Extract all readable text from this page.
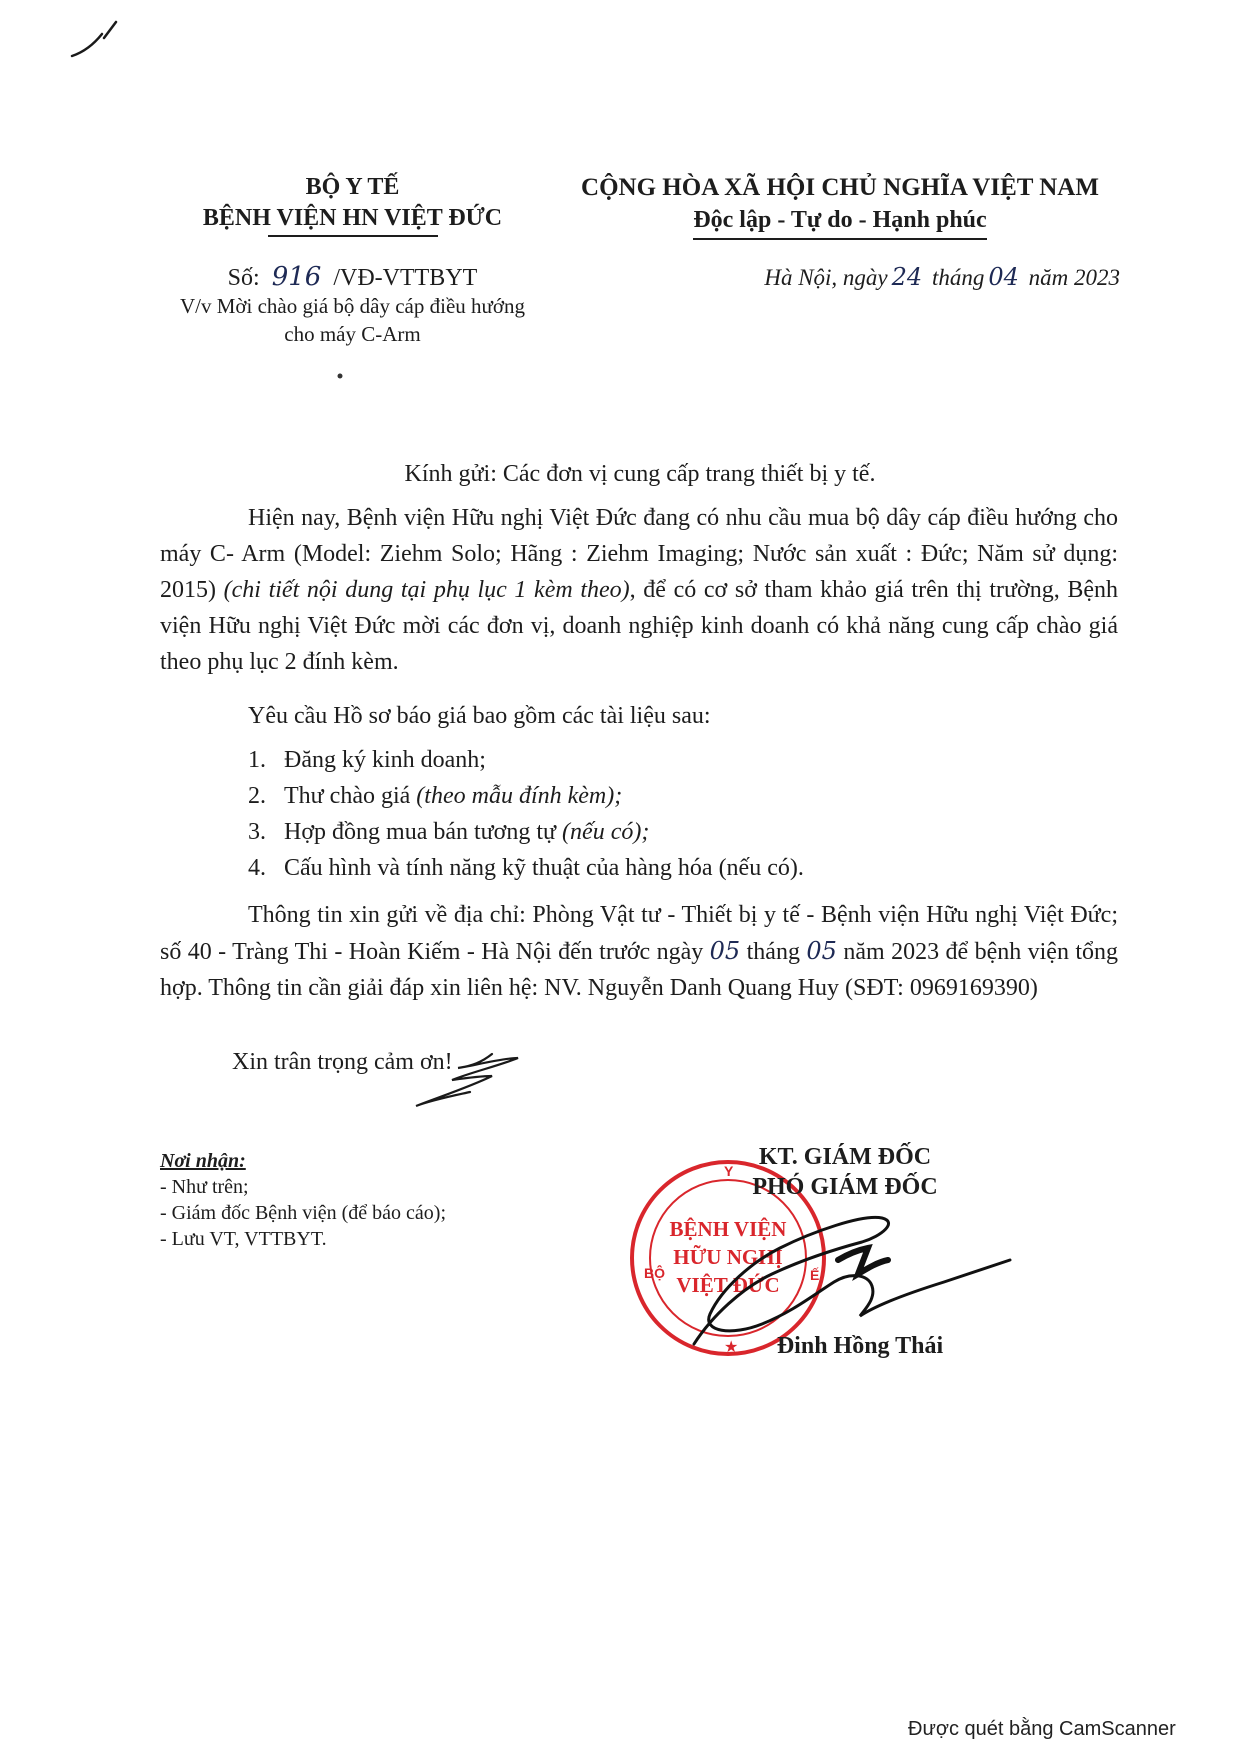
BỘ Y TẾ
BỆNH VIỆN HN VIỆT ĐỨC
CỘNG HÒA XÃ HỘI CHỦ NGHĨA VIỆT NAM
Độc lập - Tự do - Hạnh phúc
Số: 916 /VĐ-VTTBYT
V/v Mời chào giá bộ dây cáp điều hướng cho máy C-Arm
Hà Nội, ngày 24 tháng 04 năm 2023
Kính gửi: Các đơn vị cung cấp trang thiết bị y tế.
Hiện nay, Bệnh viện Hữu nghị Việt Đức đang có nhu cầu mua bộ dây cáp điều hướng cho máy C- Arm (Model: Ziehm Solo; Hãng : Ziehm Imaging; Nước sản xuất : Đức; Năm sử dụng: 2015) (chi tiết nội dung tại phụ lục 1 kèm theo), để có cơ sở tham khảo giá trên thị trường, Bệnh viện Hữu nghị Việt Đức mời các đơn vị, doanh nghiệp kinh doanh có khả năng cung cấp chào giá theo phụ lục 2 đính kèm.
Yêu cầu Hồ sơ báo giá bao gồm các tài liệu sau:
1. Đăng ký kinh doanh;
2. Thư chào giá (theo mẫu đính kèm);
3. Hợp đồng mua bán tương tự (nếu có);
4. Cấu hình và tính năng kỹ thuật của hàng hóa (nếu có).
Thông tin xin gửi về địa chỉ: Phòng Vật tư - Thiết bị y tế - Bệnh viện Hữu nghị Việt Đức; số 40 - Tràng Thi - Hoàn Kiếm - Hà Nội đến trước ngày 05 tháng 05 năm 2023 để bệnh viện tổng hợp. Thông tin cần giải đáp xin liên hệ: NV. Nguyễn Danh Quang Huy (SĐT: 0969169390)
Xin trân trọng cảm ơn!
Nơi nhận:
- Như trên;
- Giám đốc Bệnh viện (để báo cáo);
- Lưu VT, VTTBYT.
BỘ
Y
Ế
★
BỆNH VIỆN
HỮU NGHỊ
VIỆT ĐỨC
KT. GIÁM ĐỐC
PHÓ GIÁM ĐỐC
Đinh Hồng Thái
Được quét bằng CamScanner
